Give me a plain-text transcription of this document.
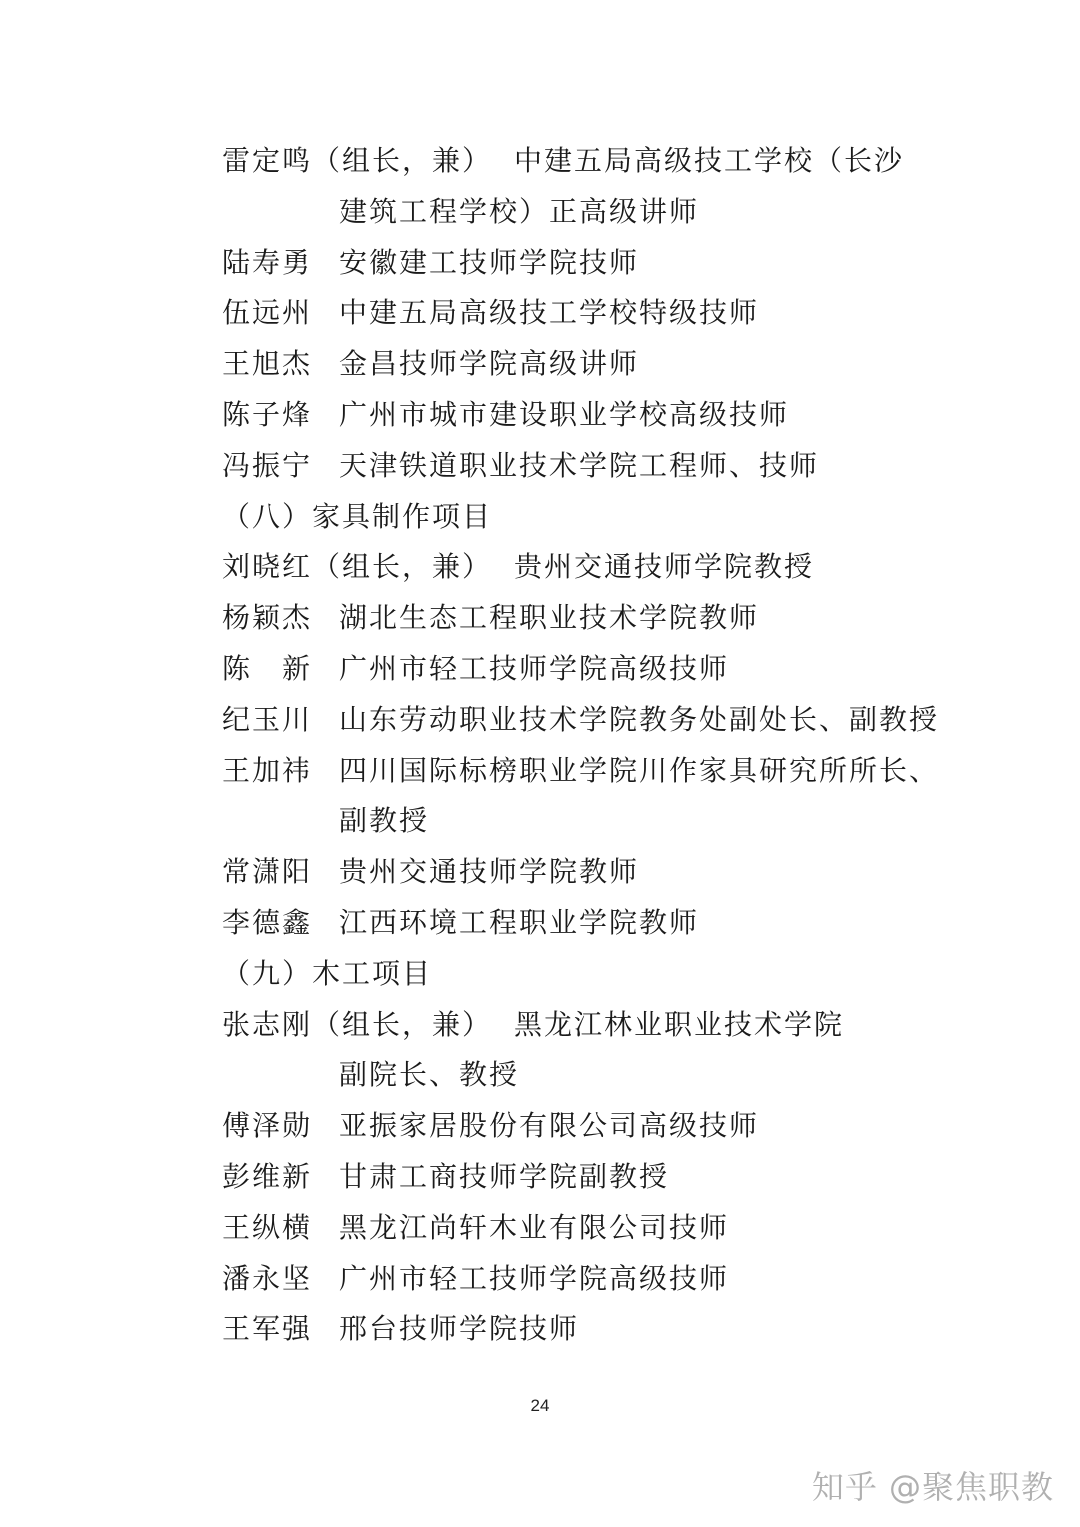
雷定鸣（组长，兼） 中建五局高级技工学校（长沙
建筑工程学校）正高级讲师
陆寿勇 安徽建工技师学院技师
伍远州 中建五局高级技工学校特级技师
王旭杰 金昌技师学院高级讲师
陈子烽 广州市城市建设职业学校高级技师
冯振宁 天津铁道职业技术学院工程师、技师
（八）家具制作项目
刘晓红（组长，兼） 贵州交通技师学院教授
杨颖杰 湖北生态工程职业技术学院教师
陈　新 广州市轻工技师学院高级技师
纪玉川 山东劳动职业技术学院教务处副处长、副教授
王加祎 四川国际标榜职业学院川作家具研究所所长、
副教授
常潇阳 贵州交通技师学院教师
李德鑫 江西环境工程职业学院教师
（九）木工项目
张志刚（组长，兼） 黑龙江林业职业技术学院
副院长、教授
傅泽勋 亚振家居股份有限公司高级技师
彭维新 甘肃工商技师学院副教授
王纵横 黑龙江尚轩木业有限公司技师
潘永坚 广州市轻工技师学院高级技师
王军强 邢台技师学院技师
24
知乎 @聚焦职教
